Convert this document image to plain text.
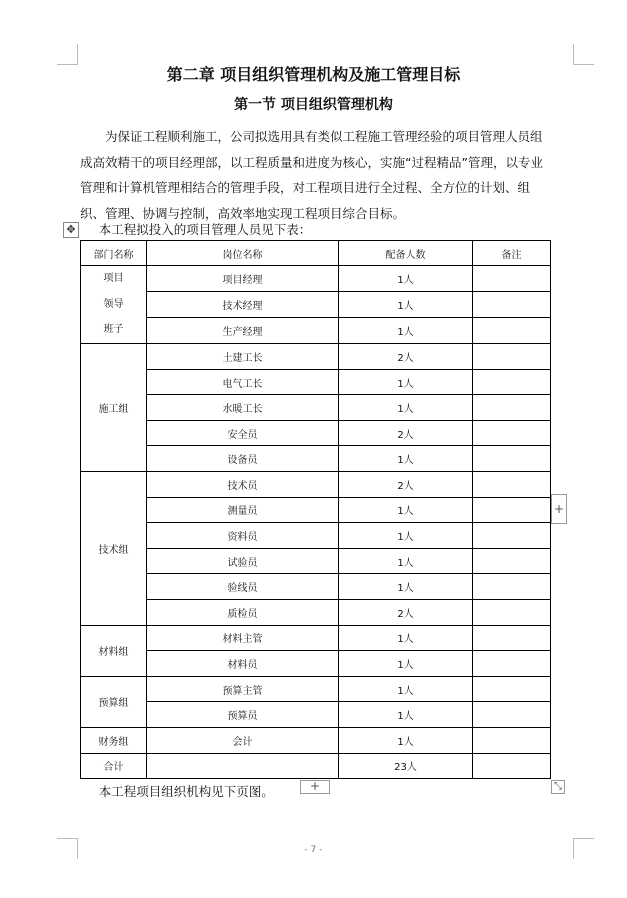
第二章 项目组织管理机构及施工管理目标
第一节 项目组织管理机构

为保证工程顺利施工，公司拟选用具有类似工程施工管理经验的项目管理人员组成高效精干的项目经理部，以工程质量和进度为核心，实施“过程精品”管理，以专业管理和计算机管理相结合的管理手段，对工程项目进行全过程、全方位的计划、组织、管理、协调与控制，高效率地实现工程项目综合目标。

本工程拟投入的项目管理人员见下表：

✥
部门名称	岗位名称	配备人数	备注

项目
领导
班子	项目经理	1人	
	技术经理	1人	
	生产经理	1人	
施工组	土建工长	2人	
	电气工长	1人	
	水暖工长	1人	
	安全员	2人	
	设备员	1人	
技术组	技术员	2人	
	测量员	1人	
	资料员	1人	
	试验员	1人	
	验线员	1人	
	质检员	2人	
材料组	材料主管	1人	
	材料员	1人	
预算组	预算主管	1人	
	预算员	1人	
财务组	会计	1人	
合计		23人	
+
+	⤡

本工程项目组织机构见下页图。

- 7 -
